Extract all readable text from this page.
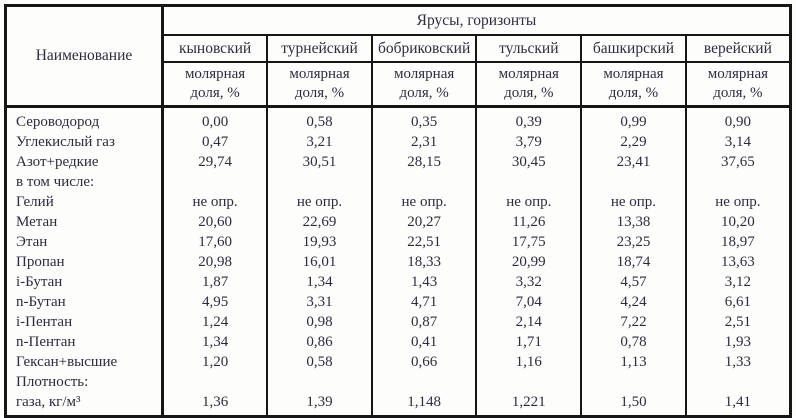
Наименование	Ярусы, горизонты					
	кыновский	турнейский	бобриковский	тульский	башкирский	верейский
	молярная доля, %	молярная доля, %	молярная доля, %	молярная доля, %	молярная доля, %	молярная доля, %
Сероводород	0,00	0,58	0,35	0,39	0,99	0,90
Углекислый газ	0,47	3,21	2,31	3,79	2,29	3,14
Азот+редкие	29,74	30,51	28,15	30,45	23,41	37,65
в том числе:						
Гелий	не опр.	не опр.	не опр.	не опр.	не опр.	не опр.
Метан	20,60	22,69	20,27	11,26	13,38	10,20
Этан	17,60	19,93	22,51	17,75	23,25	18,97
Пропан	20,98	16,01	18,33	20,99	18,74	13,63
i-Бутан	1,87	1,34	1,43	3,32	4,57	3,12
n-Бутан	4,95	3,31	4,71	7,04	4,24	6,61
i-Пентан	1,24	0,98	0,87	2,14	7,22	2,51
n-Пентан	1,34	0,86	0,41	1,71	0,78	1,93
Гексан+высшие	1,20	0,58	0,66	1,16	1,13	1,33
Плотность:						
газа, кг/м³	1,36	1,39	1,148	1,221	1,50	1,41
